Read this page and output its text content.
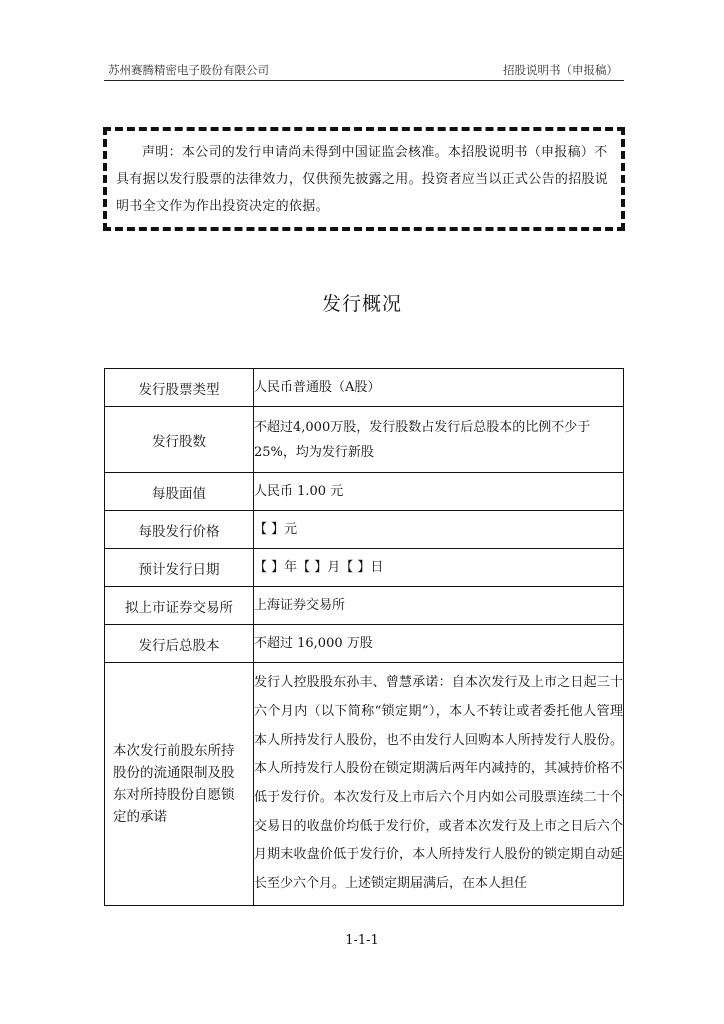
苏州赛腾精密电子股份有限公司	招股说明书（申报稿）
声明：本公司的发行申请尚未得到中国证监会核准。本招股说明书（申报稿）不具有据以发行股票的法律效力，仅供预先披露之用。投资者应当以正式公告的招股说明书全文作为作出投资决定的依据。
发行概况
发行股票类型	人民币普通股（A股）
发行股数	不超过4,000万股，发行股数占发行后总股本的比例不少于25%，均为发行新股
每股面值	人民币 1.00 元
每股发行价格	【 】元
预计发行日期	【 】年【 】月【 】日
拟上市证券交易所	上海证券交易所
发行后总股本	不超过 16,000 万股
本次发行前股东所持股份的流通限制及股东对所持股份自愿锁定的承诺	发行人控股股东孙丰、曾慧承诺：自本次发行及上市之日起三十六个月内（以下简称“锁定期”），本人不转让或者委托他人管理本人所持发行人股份，也不由发行人回购本人所持发行人股份。本人所持发行人股份在锁定期满后两年内减持的，其减持价格不低于发行价。本次发行及上市后六个月内如公司股票连续二十个交易日的收盘价均低于发行价，或者本次发行及上市之日后六个月期末收盘价低于发行价，本人所持发行人股份的锁定期自动延长至少六个月。上述锁定期届满后，在本人担任
1-1-1
